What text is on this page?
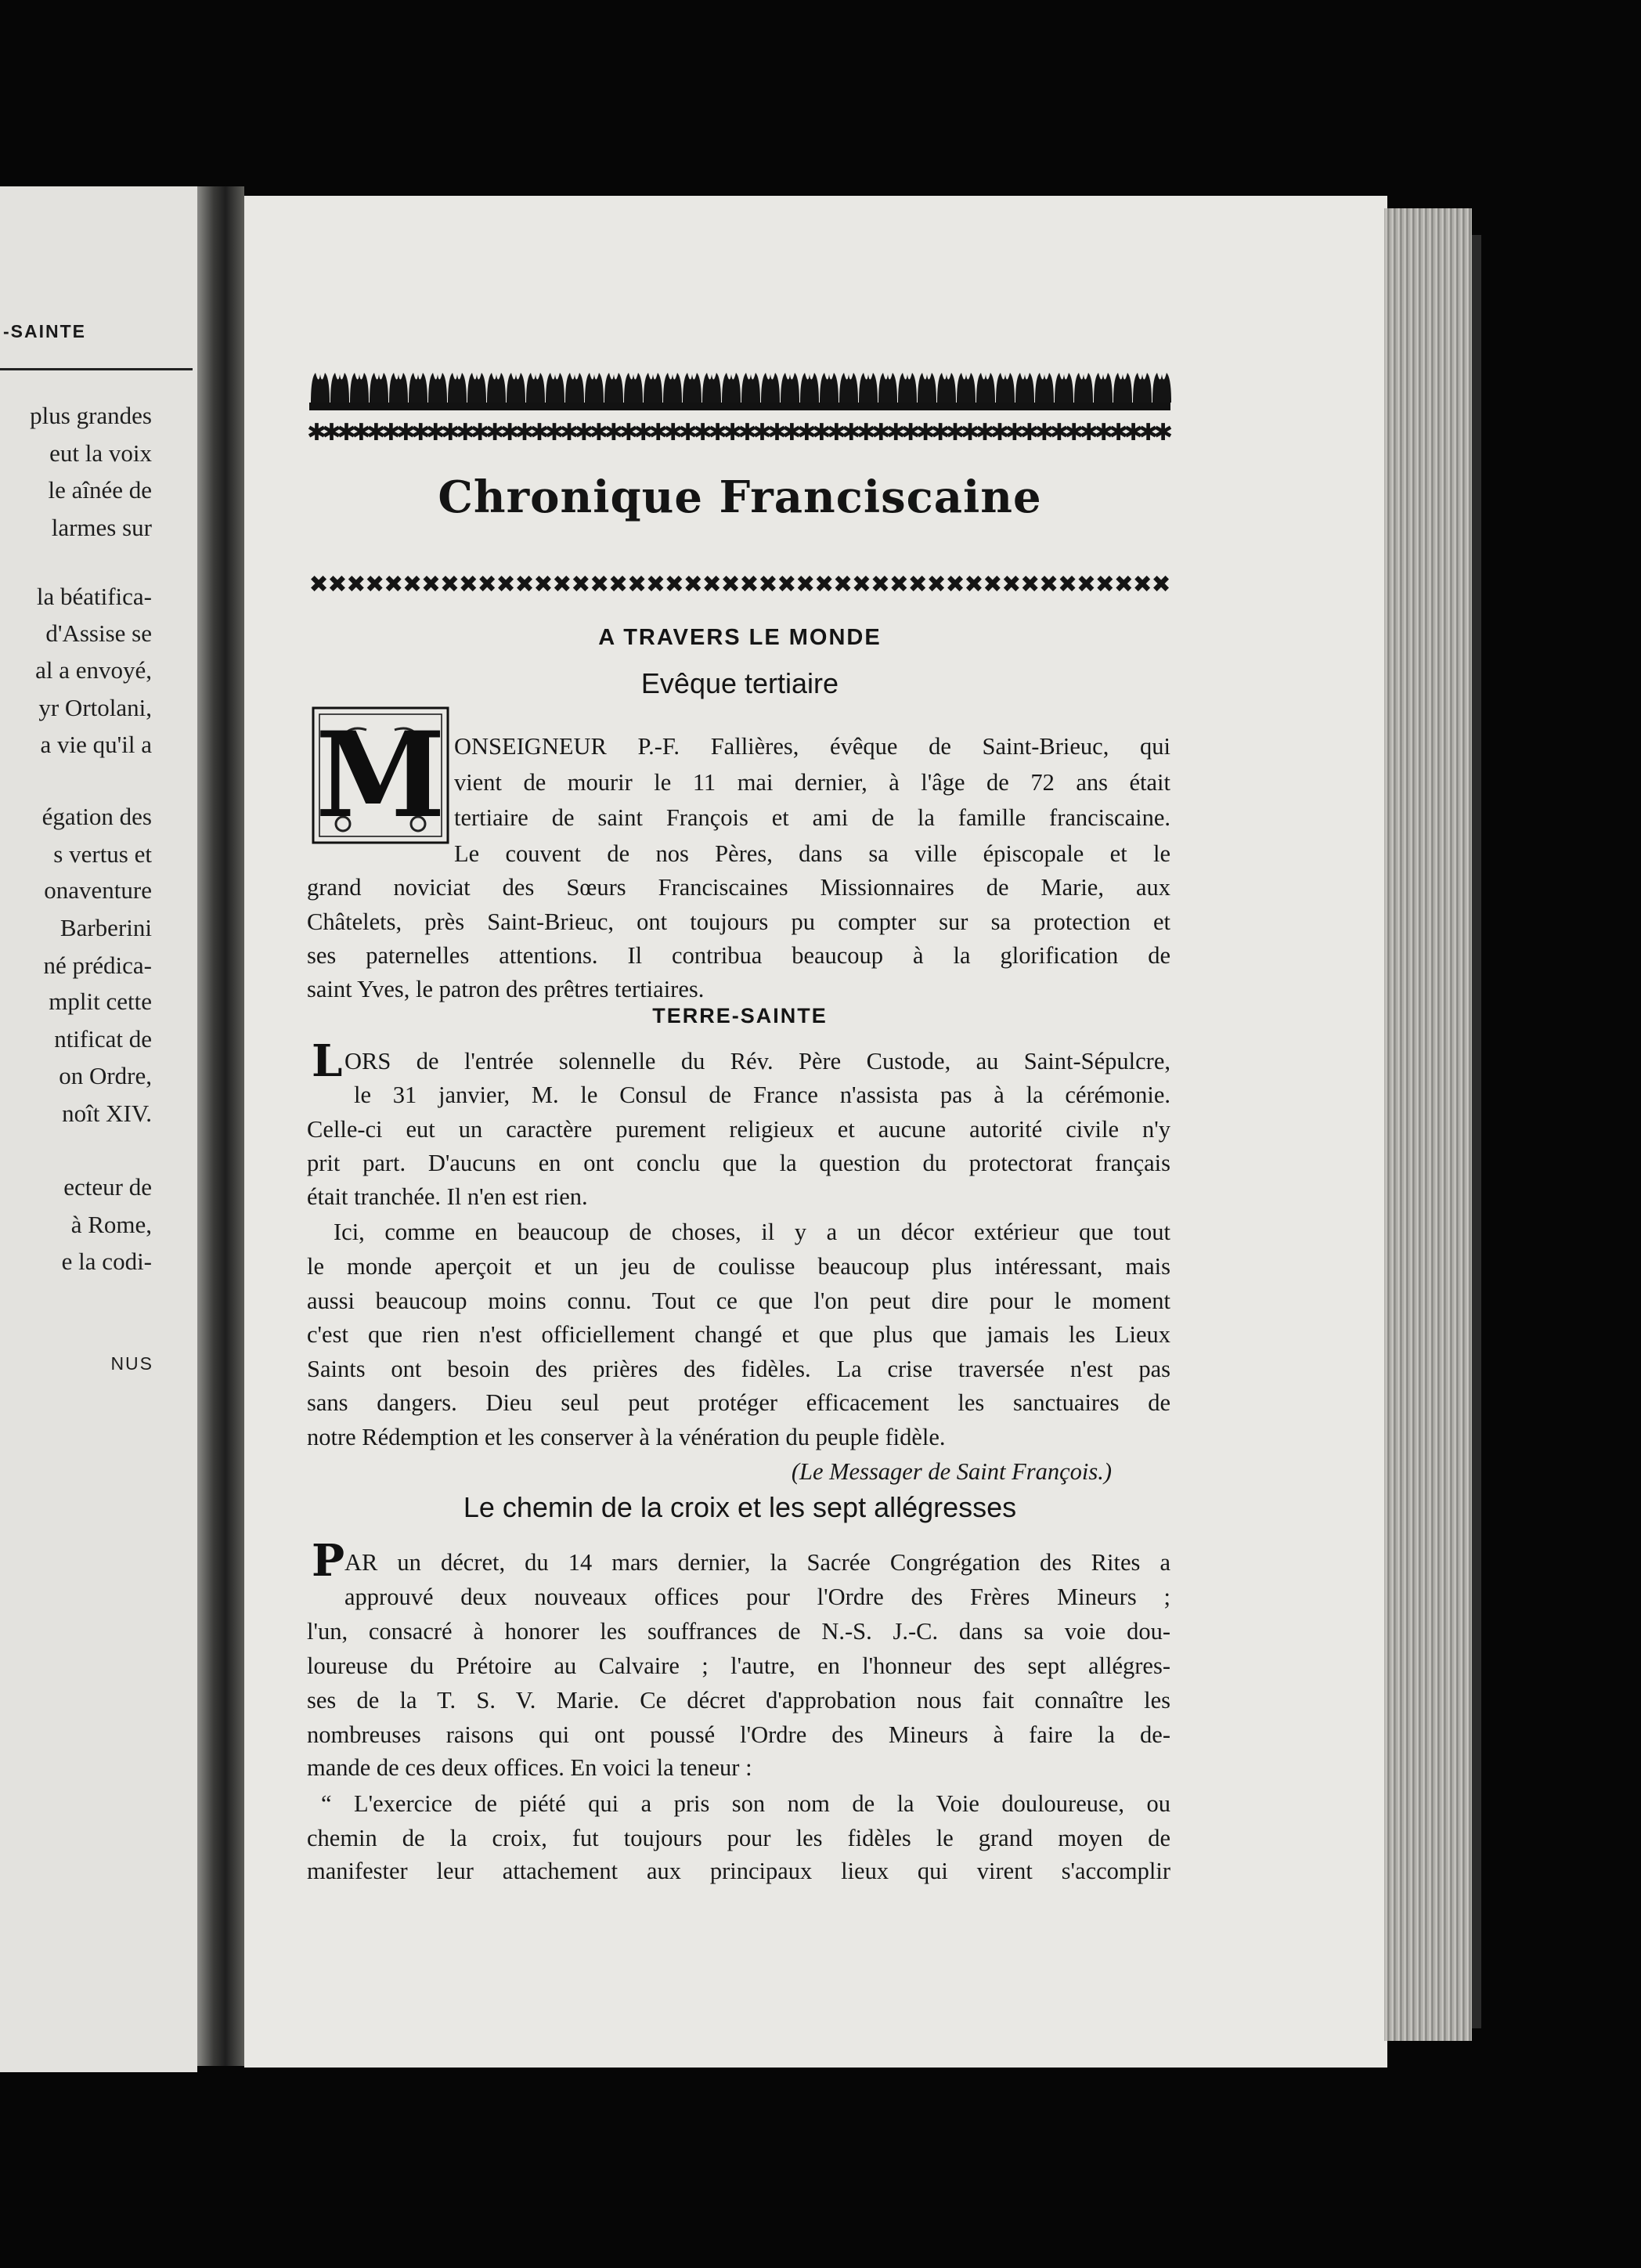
-SAINTE
plus grandes
eut la voix
le aînée de
larmes sur
la béatifica-
d'Assise se
al a envoyé,
yr Ortolani,
a vie qu'il a
égation des
s vertus et
onaventure
Barberini
né prédica-
mplit cette
ntificat de
on Ordre,
noît XIV.
ecteur de
à Rome,
e la codi-
NUS
✱
✱
✱
✱
✱
✱
✱
✱
✱
✱
✱
✱
✱
✱
✱
✱
✱
✱
✱
✱
✱
✱
✱
✱
✱
✱
✱
✱
✱
✱
✱
✱
✱
✱
✱
✱
✱
✱
✱
✱
✱
✱
✱
✱
✱
✱
✱
✱
✱
✱
✱
✱
✱
✱
✱
✱
✱
✱
Chronique Franciscaine
✖
✖
✖
✖
✖
✖
✖
✖
✖
✖
✖
✖
✖
✖
✖
✖
✖
✖
✖
✖
✖
✖
✖
✖
✖
✖
✖
✖
✖
✖
✖
✖
✖
✖
✖
✖
✖
✖
✖
✖
✖
✖
✖
✖
✖
✖
A TRAVERS LE MONDE
Evêque tertiaire
M ONSEIGNEUR P.-F. Fallières, évêque de Saint-Brieuc, qui
vient de mourir le 11 mai dernier, à l'âge de 72 ans était
tertiaire de saint François et ami de la famille franciscaine.
Le couvent de nos Pères, dans sa ville épiscopale et le
grand noviciat des Sœurs Franciscaines Missionnaires de Marie, aux
Châtelets, près Saint-Brieuc, ont toujours pu compter sur sa protection et
ses paternelles attentions. Il contribua beaucoup à la glorification de
saint Yves, le patron des prêtres tertiaires.
TERRE-SAINTE
L ORS de l'entrée solennelle du Rév. Père Custode, au Saint-Sépulcre,
le 31 janvier, M. le Consul de France n'assista pas à la cérémonie.
Celle-ci eut un caractère purement religieux et aucune autorité civile n'y
prit part. D'aucuns en ont conclu que la question du protectorat français
était tranchée. Il n'en est rien.
Ici, comme en beaucoup de choses, il y a un décor extérieur que tout
le monde aperçoit et un jeu de coulisse beaucoup plus intéressant, mais
aussi beaucoup moins connu. Tout ce que l'on peut dire pour le moment
c'est que rien n'est officiellement changé et que plus que jamais les Lieux
Saints ont besoin des prières des fidèles. La crise traversée n'est pas
sans dangers. Dieu seul peut protéger efficacement les sanctuaires de
notre Rédemption et les conserver à la vénération du peuple fidèle.
(Le Messager de Saint François.)
Le chemin de la croix et les sept allégresses
P AR un décret, du 14 mars dernier, la Sacrée Congrégation des Rites a
approuvé deux nouveaux offices pour l'Ordre des Frères Mineurs ;
l'un, consacré à honorer les souffrances de N.-S. J.-C. dans sa voie dou-
loureuse du Prétoire au Calvaire ; l'autre, en l'honneur des sept allégres-
ses de la T. S. V. Marie. Ce décret d'approbation nous fait connaître les
nombreuses raisons qui ont poussé l'Ordre des Mineurs à faire la de-
mande de ces deux offices. En voici la teneur :
“ L'exercice de piété qui a pris son nom de la Voie douloureuse, ou
chemin de la croix, fut toujours pour les fidèles le grand moyen de
manifester leur attachement aux principaux lieux qui virent s'accomplir
